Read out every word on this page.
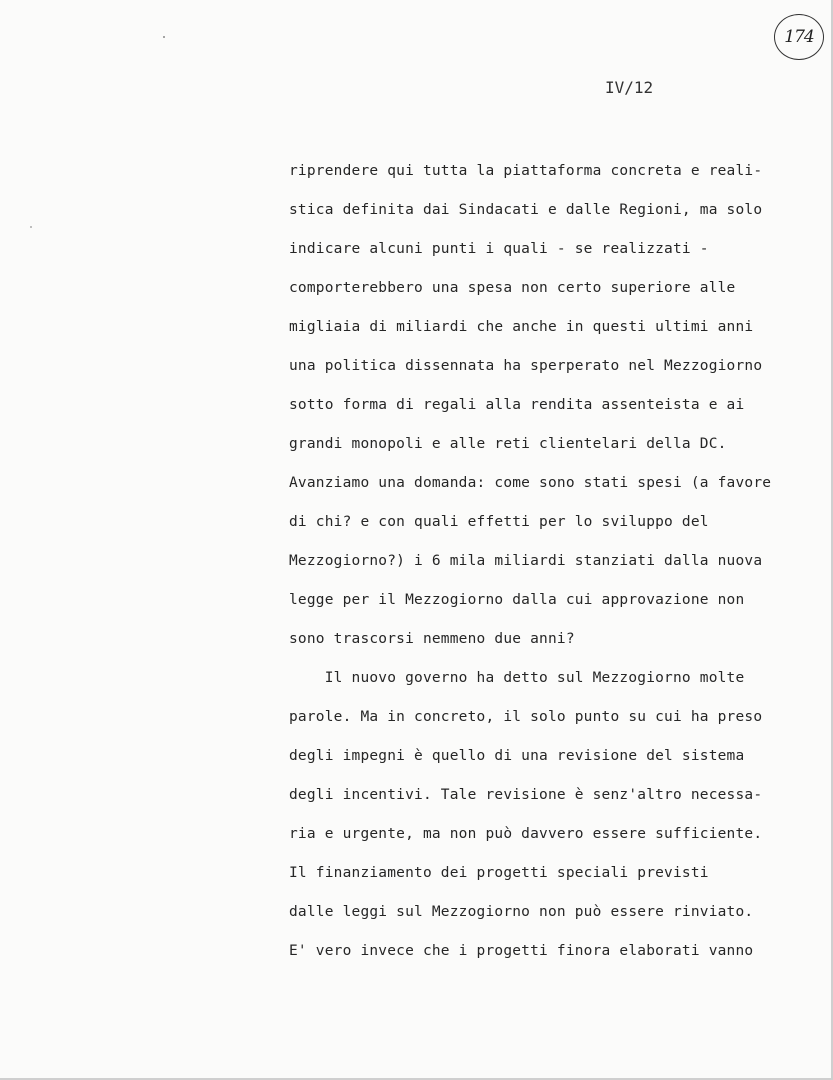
174

IV/12

riprendere qui tutta la piattaforma concreta e reali-

stica definita dai Sindacati e dalle Regioni, ma solo

indicare alcuni punti i quali - se realizzati -

comporterebbero una spesa non certo superiore alle

migliaia di miliardi che anche in questi ultimi anni

una politica dissennata ha sperperato nel Mezzogiorno

sotto forma di regali alla rendita assenteista e ai

grandi monopoli e alle reti clientelari della DC.

Avanziamo una domanda: come sono stati spesi (a favore

di chi? e con quali effetti per lo sviluppo del

Mezzogiorno?) i 6 mila miliardi stanziati dalla nuova

legge per il Mezzogiorno dalla cui approvazione non

sono trascorsi nemmeno due anni?

Il nuovo governo ha detto sul Mezzogiorno molte

parole. Ma in concreto, il solo punto su cui ha preso

degli impegni è quello di una revisione del sistema

degli incentivi. Tale revisione è senz'altro necessa-

ria e urgente, ma non può davvero essere sufficiente.

Il finanziamento dei progetti speciali previsti

dalle leggi sul Mezzogiorno non può essere rinviato.

E' vero invece che i progetti finora elaborati vanno
